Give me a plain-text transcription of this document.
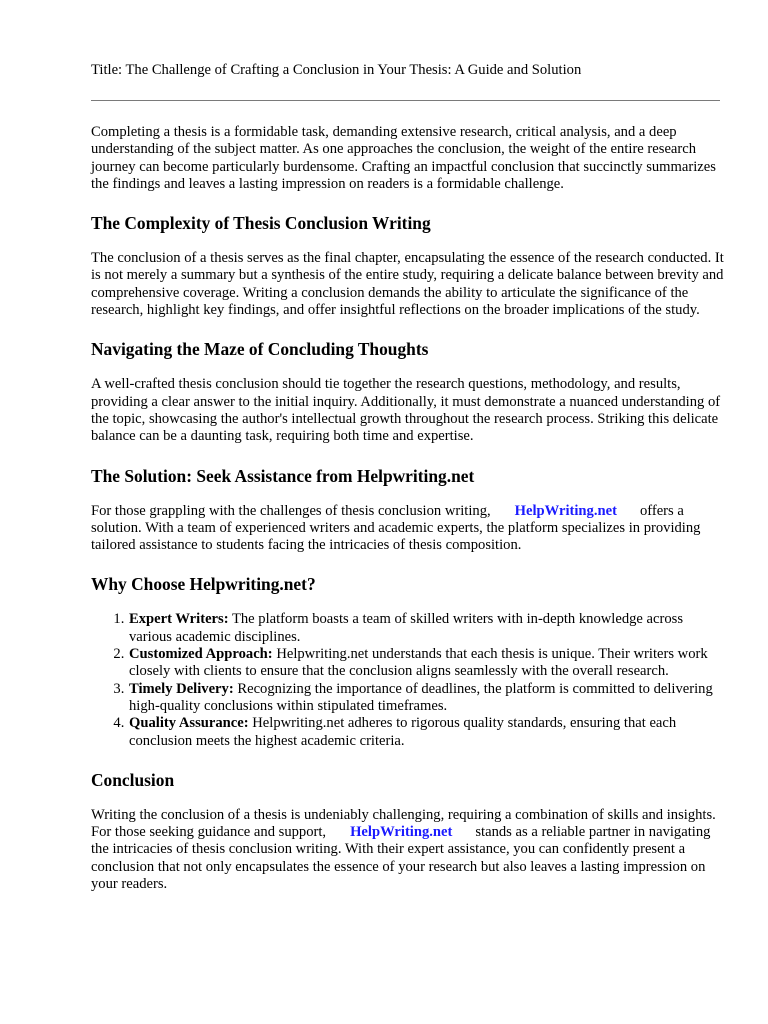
Title: The Challenge of Crafting a Conclusion in Your Thesis: A Guide and Solution

Completing a thesis is a formidable task, demanding extensive research, critical analysis, and a deep understanding of the subject matter. As one approaches the conclusion, the weight of the entire research journey can become particularly burdensome. Crafting an impactful conclusion that succinctly summarizes the findings and leaves a lasting impression on readers is a formidable challenge.

The Complexity of Thesis Conclusion Writing

The conclusion of a thesis serves as the final chapter, encapsulating the essence of the research conducted. It is not merely a summary but a synthesis of the entire study, requiring a delicate balance between brevity and comprehensive coverage. Writing a conclusion demands the ability to articulate the significance of the research, highlight key findings, and offer insightful reflections on the broader implications of the study.

Navigating the Maze of Concluding Thoughts

A well-crafted thesis conclusion should tie together the research questions, methodology, and results, providing a clear answer to the initial inquiry. Additionally, it must demonstrate a nuanced understanding of the topic, showcasing the author's intellectual growth throughout the research process. Striking this delicate balance can be a daunting task, requiring both time and expertise.

The Solution: Seek Assistance from Helpwriting.net

For those grappling with the challenges of thesis conclusion writing, HelpWriting.net offers a solution. With a team of experienced writers and academic experts, the platform specializes in providing tailored assistance to students facing the intricacies of thesis composition.

Why Choose Helpwriting.net?
1. Expert Writers: The platform boasts a team of skilled writers with in-depth knowledge across various academic disciplines.
2. Customized Approach: Helpwriting.net understands that each thesis is unique. Their writers work closely with clients to ensure that the conclusion aligns seamlessly with the overall research.
3. Timely Delivery: Recognizing the importance of deadlines, the platform is committed to delivering high-quality conclusions within stipulated timeframes.
4. Quality Assurance: Helpwriting.net adheres to rigorous quality standards, ensuring that each conclusion meets the highest academic criteria.
Conclusion

Writing the conclusion of a thesis is undeniably challenging, requiring a combination of skills and insights. For those seeking guidance and support, HelpWriting.net stands as a reliable partner in navigating the intricacies of thesis conclusion writing. With their expert assistance, you can confidently present a conclusion that not only encapsulates the essence of your research but also leaves a lasting impression on your readers.
